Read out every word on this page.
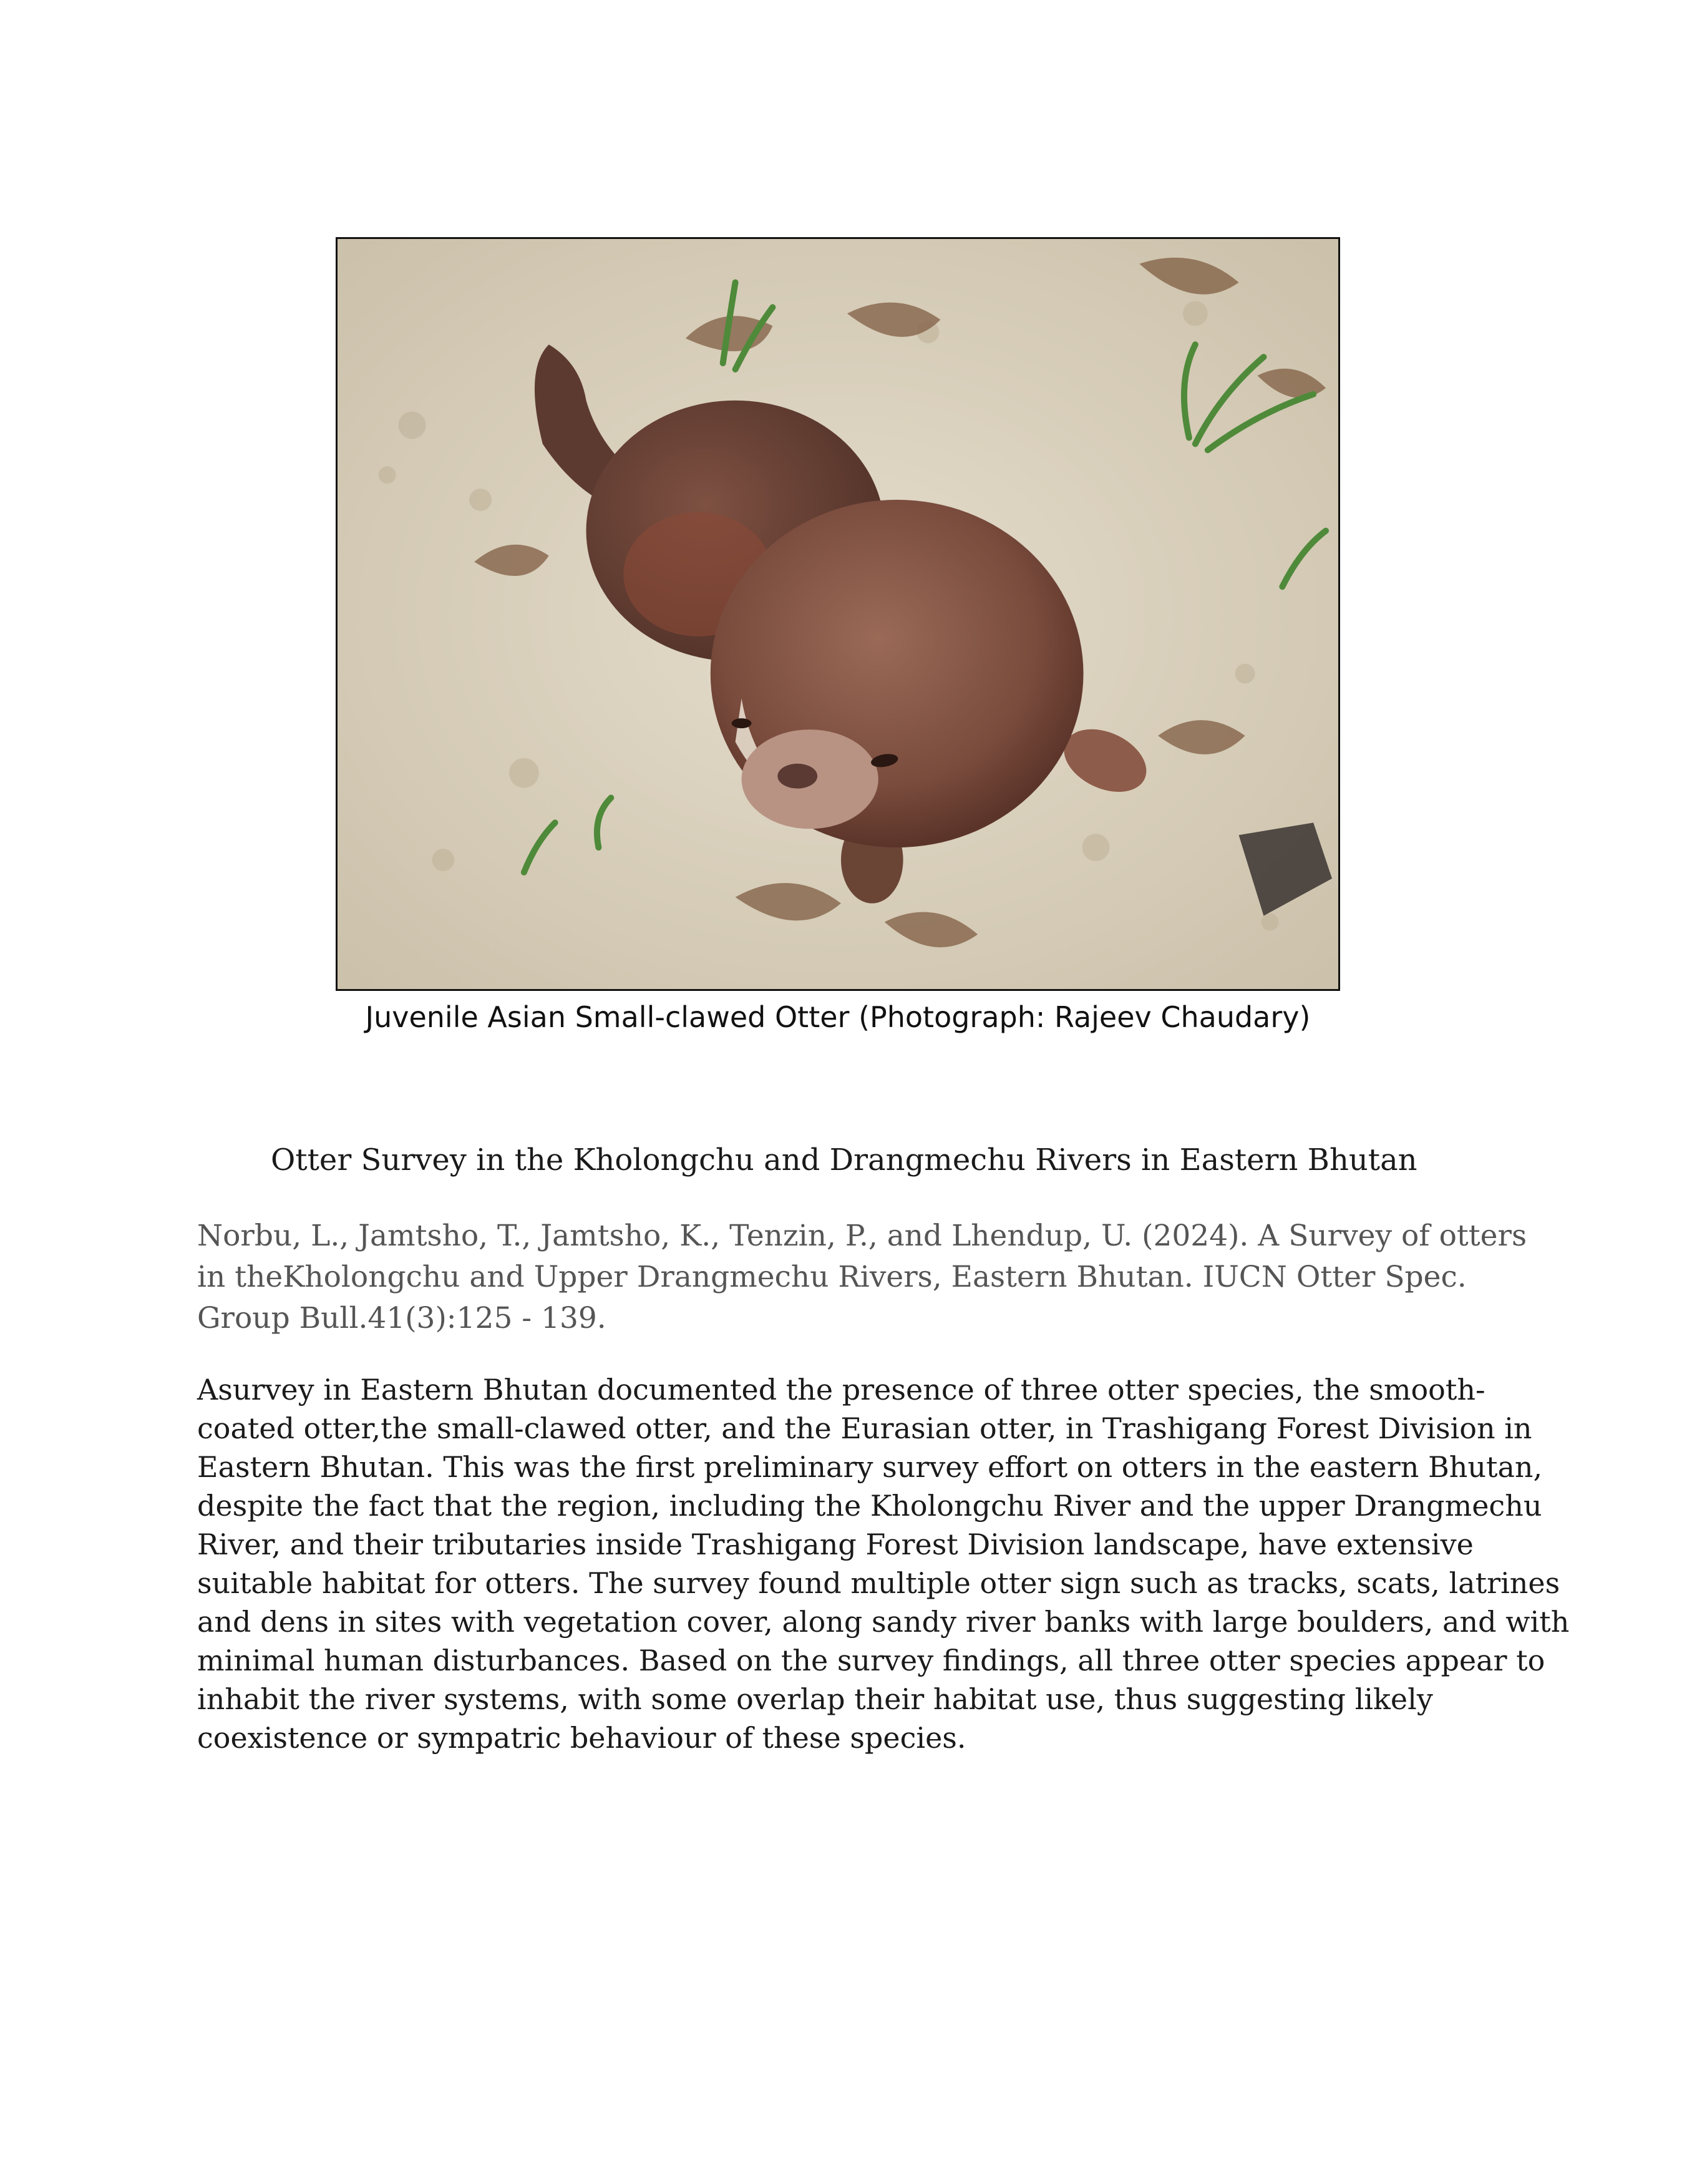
Juvenile Asian Small-clawed Otter (Photograph: Rajeev Chaudary)
Otter Survey in the Kholongchu and Drangmechu Rivers in Eastern Bhutan
Norbu, L., Jamtsho, T., Jamtsho, K., Tenzin, P., and Lhendup, U. (2024). A Survey of otters in theKholongchu and Upper Drangmechu Rivers, Eastern Bhutan. IUCN Otter Spec. Group Bull.41(3):125 - 139.
Asurvey in Eastern Bhutan documented the presence of three otter species, the smooth-coated otter,the small-clawed otter, and the Eurasian otter, in Trashigang Forest Division in Eastern Bhutan. This was the first preliminary survey effort on otters in the eastern Bhutan, despite the fact that the region, including the Kholongchu River and the upper Drangmechu River, and their tributaries inside Trashigang Forest Division landscape, have extensive suitable habitat for otters. The survey found multiple otter sign such as tracks, scats, latrines and dens in sites with vegetation cover, along sandy river banks with large boulders, and with minimal human disturbances. Based on the survey findings, all three otter species appear to inhabit the river systems, with some overlap their habitat use, thus suggesting likely coexistence or sympatric behaviour of these species.
